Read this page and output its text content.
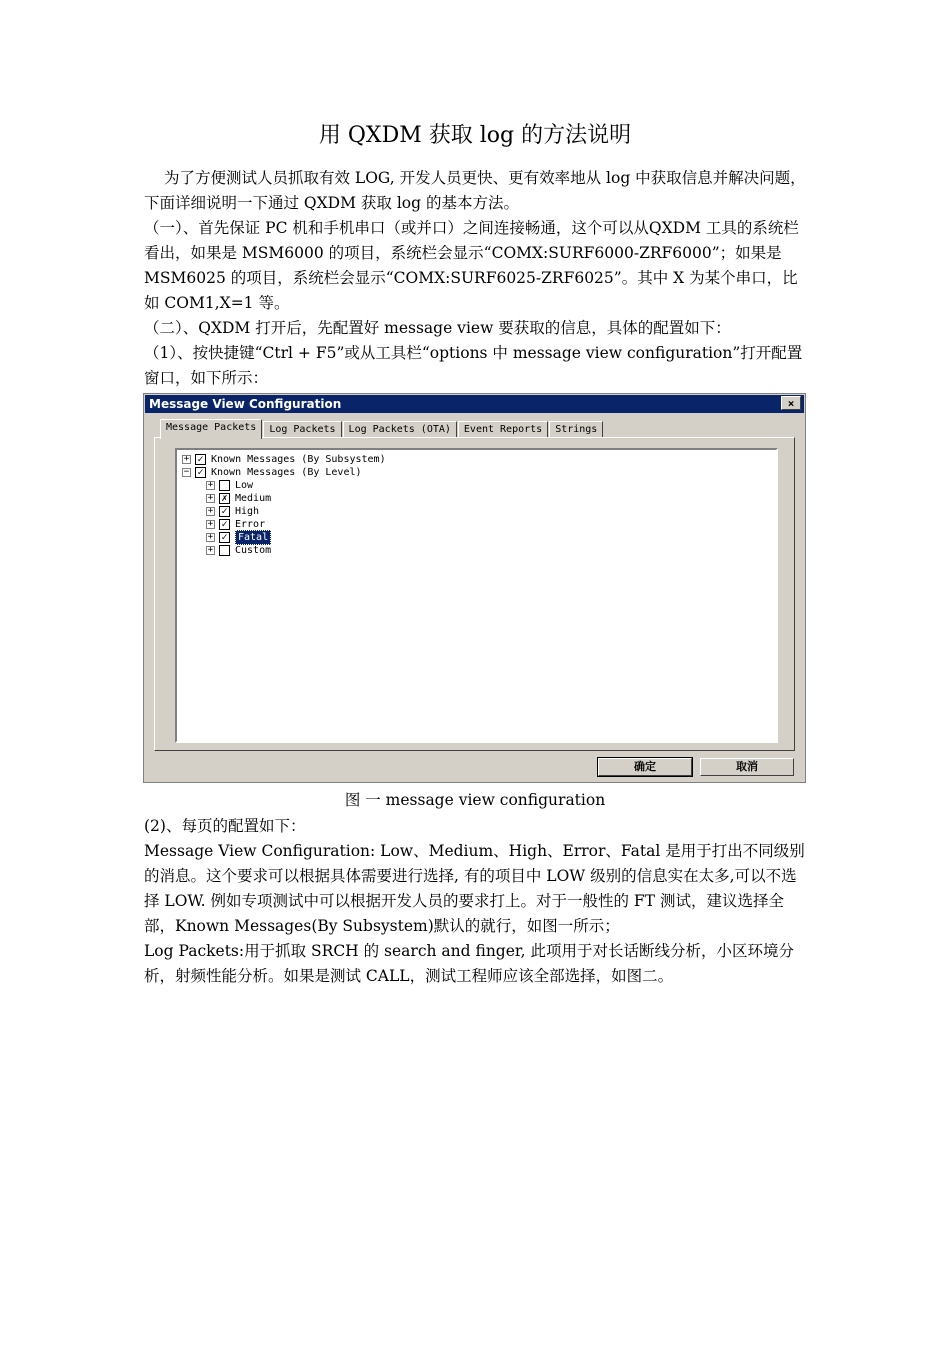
用 QXDM 获取 log 的方法说明
为了方便测试人员抓取有效 LOG, 开发人员更快、更有效率地从 log 中获取信息并解决问题，下面详细说明一下通过 QXDM 获取 log 的基本方法。
（一）、首先保证 PC 机和手机串口（或并口）之间连接畅通，这个可以从QXDM 工具的系统栏看出，如果是 MSM6000 的项目，系统栏会显示“COMX:SURF6000-ZRF6000”；如果是 MSM6025 的项目，系统栏会显示“COMX:SURF6025-ZRF6025”。其中 X 为某个串口，比如 COM1,X=1 等。
（二）、QXDM 打开后，先配置好 message view 要获取的信息，具体的配置如下：
（1）、按快捷键“Ctrl + F5”或从工具栏“options 中 message view configuration”打开配置窗口，如下所示：
Message View Configuration	×
Message Packets	Log Packets	Log Packets (OTA)	Event Reports	Strings
+ ✓ Known Messages (By Subsystem)
− ✓ Known Messages (By Level)
+ Low
+ ✗ Medium
+ ✓ High
+ ✓ Error
+ ✓	Fatal
+ Custom
确定	取消
图 一 message view configuration
(2)、每页的配置如下：
Message View Configuration: Low、Medium、High、Error、Fatal 是用于打出不同级别的消息。这个要求可以根据具体需要进行选择, 有的项目中 LOW 级别的信息实在太多,可以不选择 LOW. 例如专项测试中可以根据开发人员的要求打上。对于一般性的 FT 测试，建议选择全部，Known Messages(By Subsystem)默认的就行，如图一所示；
Log Packets:用于抓取 SRCH 的 search and finger, 此项用于对长话断线分析，小区环境分析，射频性能分析。如果是测试 CALL，测试工程师应该全部选择，如图二。
